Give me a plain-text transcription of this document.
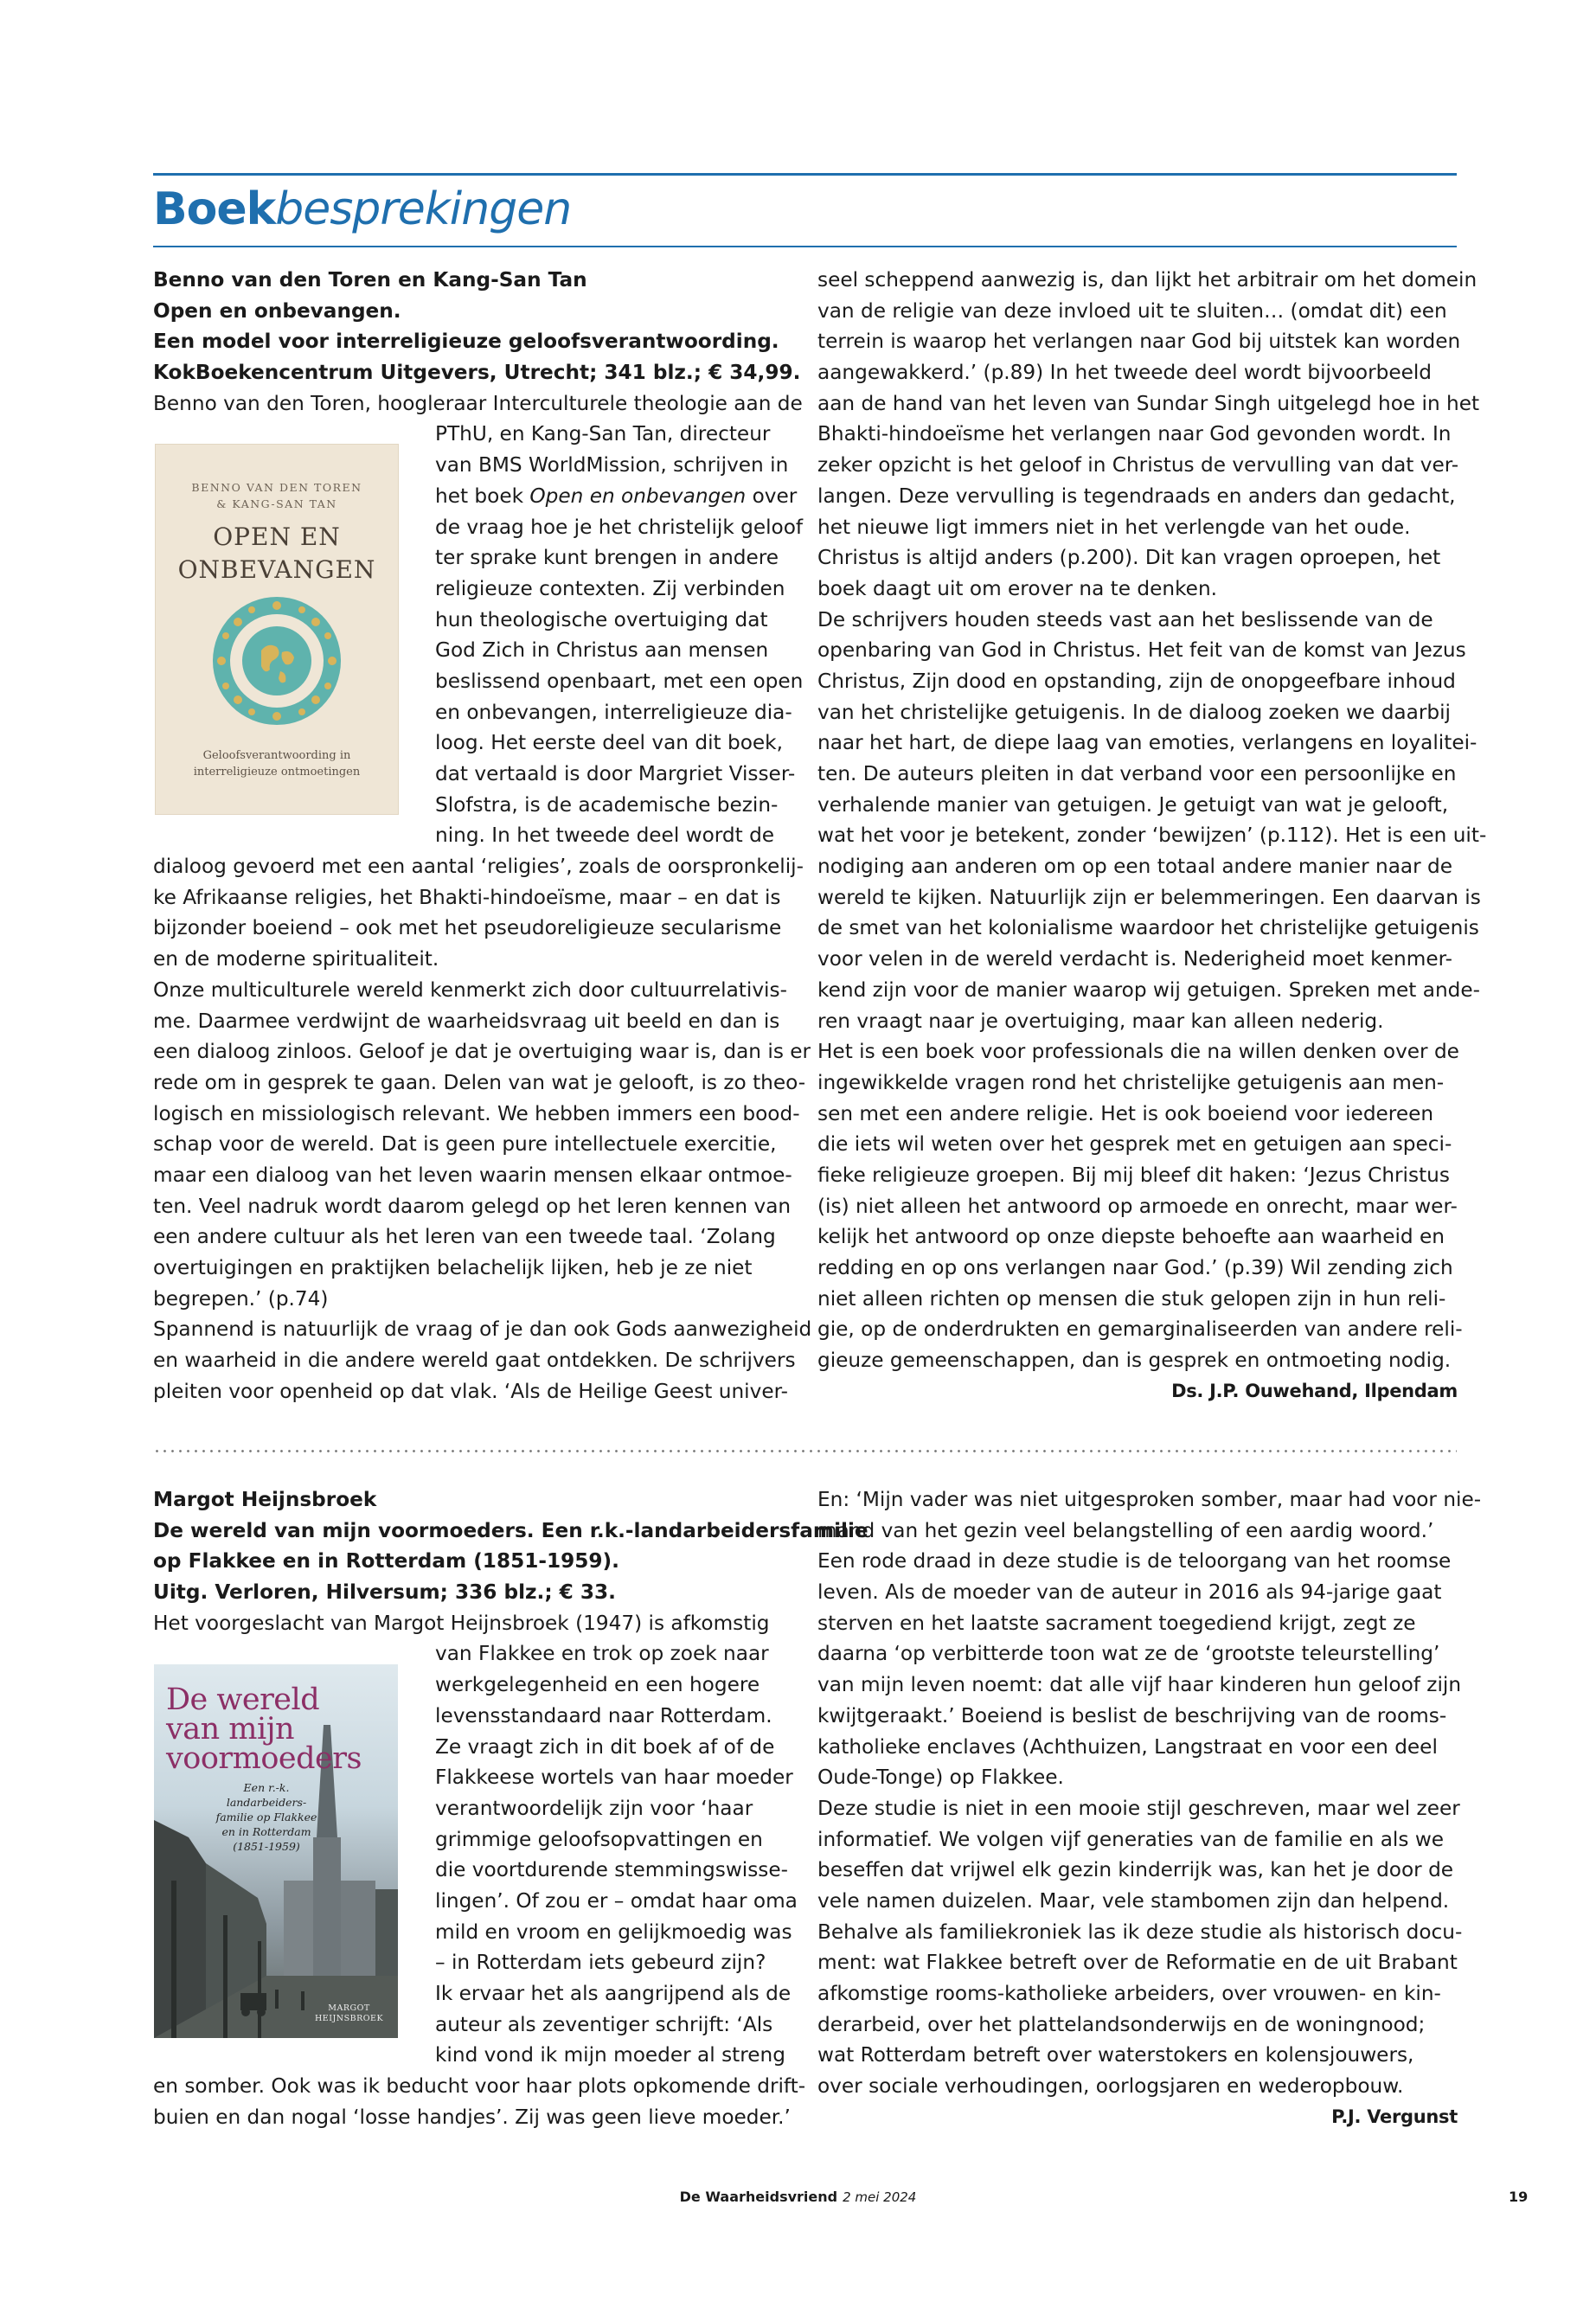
Boekbesprekingen
Benno van den Toren en Kang-San Tan
Open en onbevangen.
Een model voor interreligieuze geloofsverantwoording.
KokBoekencentrum Uitgevers, Utrecht; 341 blz.; € 34,99.
Benno van den Toren, hoogleraar Interculturele theologie aan de
PThU, en Kang-San Tan, directeur
van BMS WorldMission, schrijven in
het boek Open en onbevangen over
de vraag hoe je het christelijk geloof
ter sprake kunt brengen in andere
religieuze contexten. Zij verbinden
hun theologische overtuiging dat
God Zich in Christus aan mensen
beslissend openbaart, met een open
en onbevangen, interreligieuze dia-
loog. Het eerste deel van dit boek,
dat vertaald is door Margriet Visser-
Slofstra, is de academische bezin-
ning. In het tweede deel wordt de
dialoog gevoerd met een aantal ‘religies’, zoals de oorspronkelij-
ke Afrikaanse religies, het Bhakti-hindoeïsme, maar – en dat is
bijzonder boeiend – ook met het pseudoreligieuze secularisme
en de moderne spiritualiteit.
Onze multiculturele wereld kenmerkt zich door cultuurrelativis-
me. Daarmee verdwijnt de waarheidsvraag uit beeld en dan is
een dialoog zinloos. Geloof je dat je overtuiging waar is, dan is er
rede om in gesprek te gaan. Delen van wat je gelooft, is zo theo-
logisch en missiologisch relevant. We hebben immers een bood-
schap voor de wereld. Dat is geen pure intellectuele exercitie,
maar een dialoog van het leven waarin mensen elkaar ontmoe-
ten. Veel nadruk wordt daarom gelegd op het leren kennen van
een andere cultuur als het leren van een tweede taal. ‘Zolang
overtuigingen en praktijken belachelijk lijken, heb je ze niet
begrepen.’ (p.74)
Spannend is natuurlijk de vraag of je dan ook Gods aanwezigheid
en waarheid in die andere wereld gaat ontdekken. De schrijvers
pleiten voor openheid op dat vlak. ‘Als de Heilige Geest univer-
BENNO VAN DEN TOREN
& KANG-SAN TAN
OPEN EN
ONBEVANGEN
Geloofsverantwoording in
interreligieuze ontmoetingen
seel scheppend aanwezig is, dan lijkt het arbitrair om het domein
van de religie van deze invloed uit te sluiten… (omdat dit) een
terrein is waarop het verlangen naar God bij uitstek kan worden
aangewakkerd.’ (p.89) In het tweede deel wordt bijvoorbeeld
aan de hand van het leven van Sundar Singh uitgelegd hoe in het
Bhakti-hindoeïsme het verlangen naar God gevonden wordt. In
zeker opzicht is het geloof in Christus de vervulling van dat ver-
langen. Deze vervulling is tegendraads en anders dan gedacht,
het nieuwe ligt immers niet in het verlengde van het oude.
Christus is altijd anders (p.200). Dit kan vragen oproepen, het
boek daagt uit om erover na te denken.
De schrijvers houden steeds vast aan het beslissende van de
openbaring van God in Christus. Het feit van de komst van Jezus
Christus, Zijn dood en opstanding, zijn de onopgeefbare inhoud
van het christelijke getuigenis. In de dialoog zoeken we daarbij
naar het hart, de diepe laag van emoties, verlangens en loyalitei-
ten. De auteurs pleiten in dat verband voor een persoonlijke en
verhalende manier van getuigen. Je getuigt van wat je gelooft,
wat het voor je betekent, zonder ‘bewijzen’ (p.112). Het is een uit-
nodiging aan anderen om op een totaal andere manier naar de
wereld te kijken. Natuurlijk zijn er belemmeringen. Een daarvan is
de smet van het kolonialisme waardoor het christelijke getuigenis
voor velen in de wereld verdacht is. Nederigheid moet kenmer-
kend zijn voor de manier waarop wij getuigen. Spreken met ande-
ren vraagt naar je overtuiging, maar kan alleen nederig.
Het is een boek voor professionals die na willen denken over de
ingewikkelde vragen rond het christelijke getuigenis aan men-
sen met een andere religie. Het is ook boeiend voor iedereen
die iets wil weten over het gesprek met en getuigen aan speci-
fieke religieuze groepen. Bij mij bleef dit haken: ‘Jezus Christus
(is) niet alleen het antwoord op armoede en onrecht, maar wer-
kelijk het antwoord op onze diepste behoefte aan waarheid en
redding en op ons verlangen naar God.’ (p.39) Wil zending zich
niet alleen richten op mensen die stuk gelopen zijn in hun reli-
gie, op de onderdrukten en gemarginaliseerden van andere reli-
gieuze gemeenschappen, dan is gesprek en ontmoeting nodig.
Ds. J.P. Ouwehand, Ilpendam
Margot Heijnsbroek
De wereld van mijn voormoeders. Een r.k.-landarbeidersfamilie
op Flakkee en in Rotterdam (1851-1959).
Uitg. Verloren, Hilversum; 336 blz.; € 33.
Het voorgeslacht van Margot Heijnsbroek (1947) is afkomstig
van Flakkee en trok op zoek naar
werkgelegenheid en een hogere
levensstandaard naar Rotterdam.
Ze vraagt zich in dit boek af of de
Flakkeese wortels van haar moeder
verantwoordelijk zijn voor ‘haar
grimmige geloofsopvattingen en
die voortdurende stemmingswisse-
lingen’. Of zou er – omdat haar oma
mild en vroom en gelijkmoedig was
– in Rotterdam iets gebeurd zijn?
Ik ervaar het als aangrijpend als de
auteur als zeventiger schrijft: ‘Als
kind vond ik mijn moeder al streng
en somber. Ook was ik beducht voor haar plots opkomende drift-
buien en dan nogal ‘losse handjes’. Zij was geen lieve moeder.’
De wereld
van mijn
voormoeders
Een r.-k. landarbeiders-
familie op Flakkee
en in Rotterdam
(1851-1959)
MARGOT
HEIJNSBROEK
En: ‘Mijn vader was niet uitgesproken somber, maar had voor nie-
mand van het gezin veel belangstelling of een aardig woord.’
Een rode draad in deze studie is de teloorgang van het roomse
leven. Als de moeder van de auteur in 2016 als 94-jarige gaat
sterven en het laatste sacrament toegediend krijgt, zegt ze
daarna ‘op verbitterde toon wat ze de ‘grootste teleurstelling’
van mijn leven noemt: dat alle vijf haar kinderen hun geloof zijn
kwijtgeraakt.’ Boeiend is beslist de beschrijving van de rooms-
katholieke enclaves (Achthuizen, Langstraat en voor een deel
Oude-Tonge) op Flakkee.
Deze studie is niet in een mooie stijl geschreven, maar wel zeer
informatief. We volgen vijf generaties van de familie en als we
beseffen dat vrijwel elk gezin kinderrijk was, kan het je door de
vele namen duizelen. Maar, vele stambomen zijn dan helpend.
Behalve als familiekroniek las ik deze studie als historisch docu-
ment: wat Flakkee betreft over de Reformatie en de uit Brabant
afkomstige rooms-katholieke arbeiders, over vrouwen- en kin-
derarbeid, over het plattelandsonderwijs en de woningnood;
wat Rotterdam betreft over waterstokers en kolensjouwers,
over sociale verhoudingen, oorlogsjaren en wederopbouw.
P.J. Vergunst
De Waarheidsvriend 2 mei 2024	19
